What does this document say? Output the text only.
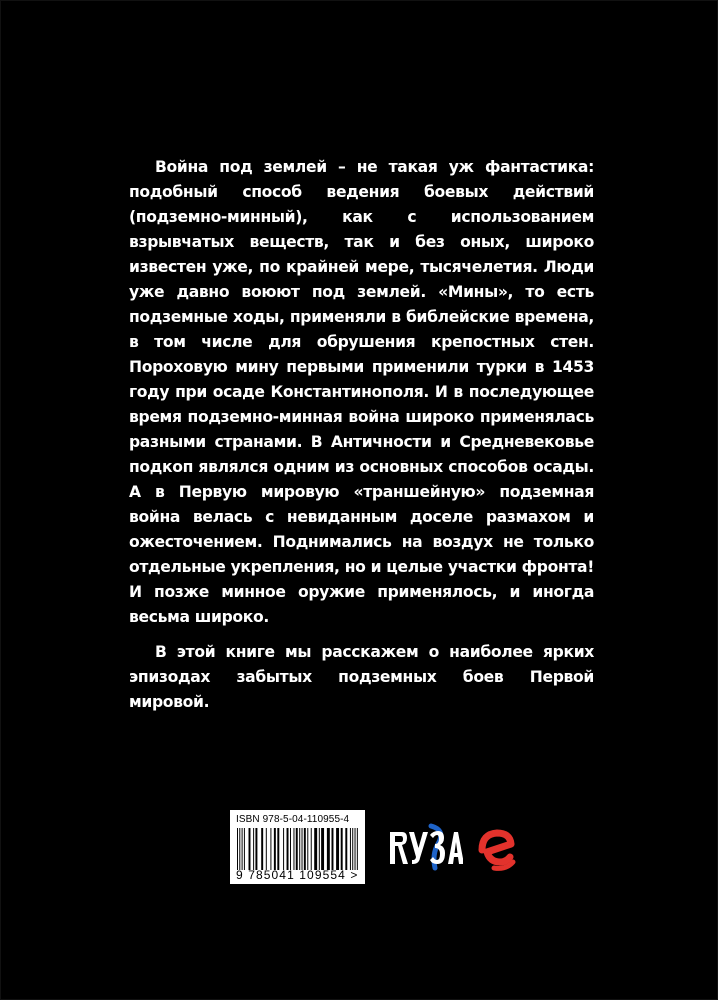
Война под землей – не такая уж фантастика: подобный способ ведения боевых действий (подземно-минный), как с использованием взрывчатых веществ, так и без оных, широко известен уже, по крайней мере, тысячелетия. Люди уже давно воюют под землей. «Мины», то есть подземные ходы, применяли в библейские времена, в том числе для обрушения крепостных стен. Пороховую мину первыми применили турки в 1453 году при осаде Константинополя. И в последующее время подземно-минная война широко применялась разными странами. В Античности и Средневековье подкоп являлся одним из основных способов осады. А в Первую мировую «траншейную» подземная война велась с невиданным доселе размахом и ожесточением. Поднимались на воздух не только отдельные укрепления, но и целые участки фронта! И позже минное оружие применялось, и иногда весьма широко.

В этой книге мы расскажем о наиболее ярких эпизодах забытых подземных боев Первой мировой.

ISBN 978-5-04-110955-4
9 785041 109554 >
